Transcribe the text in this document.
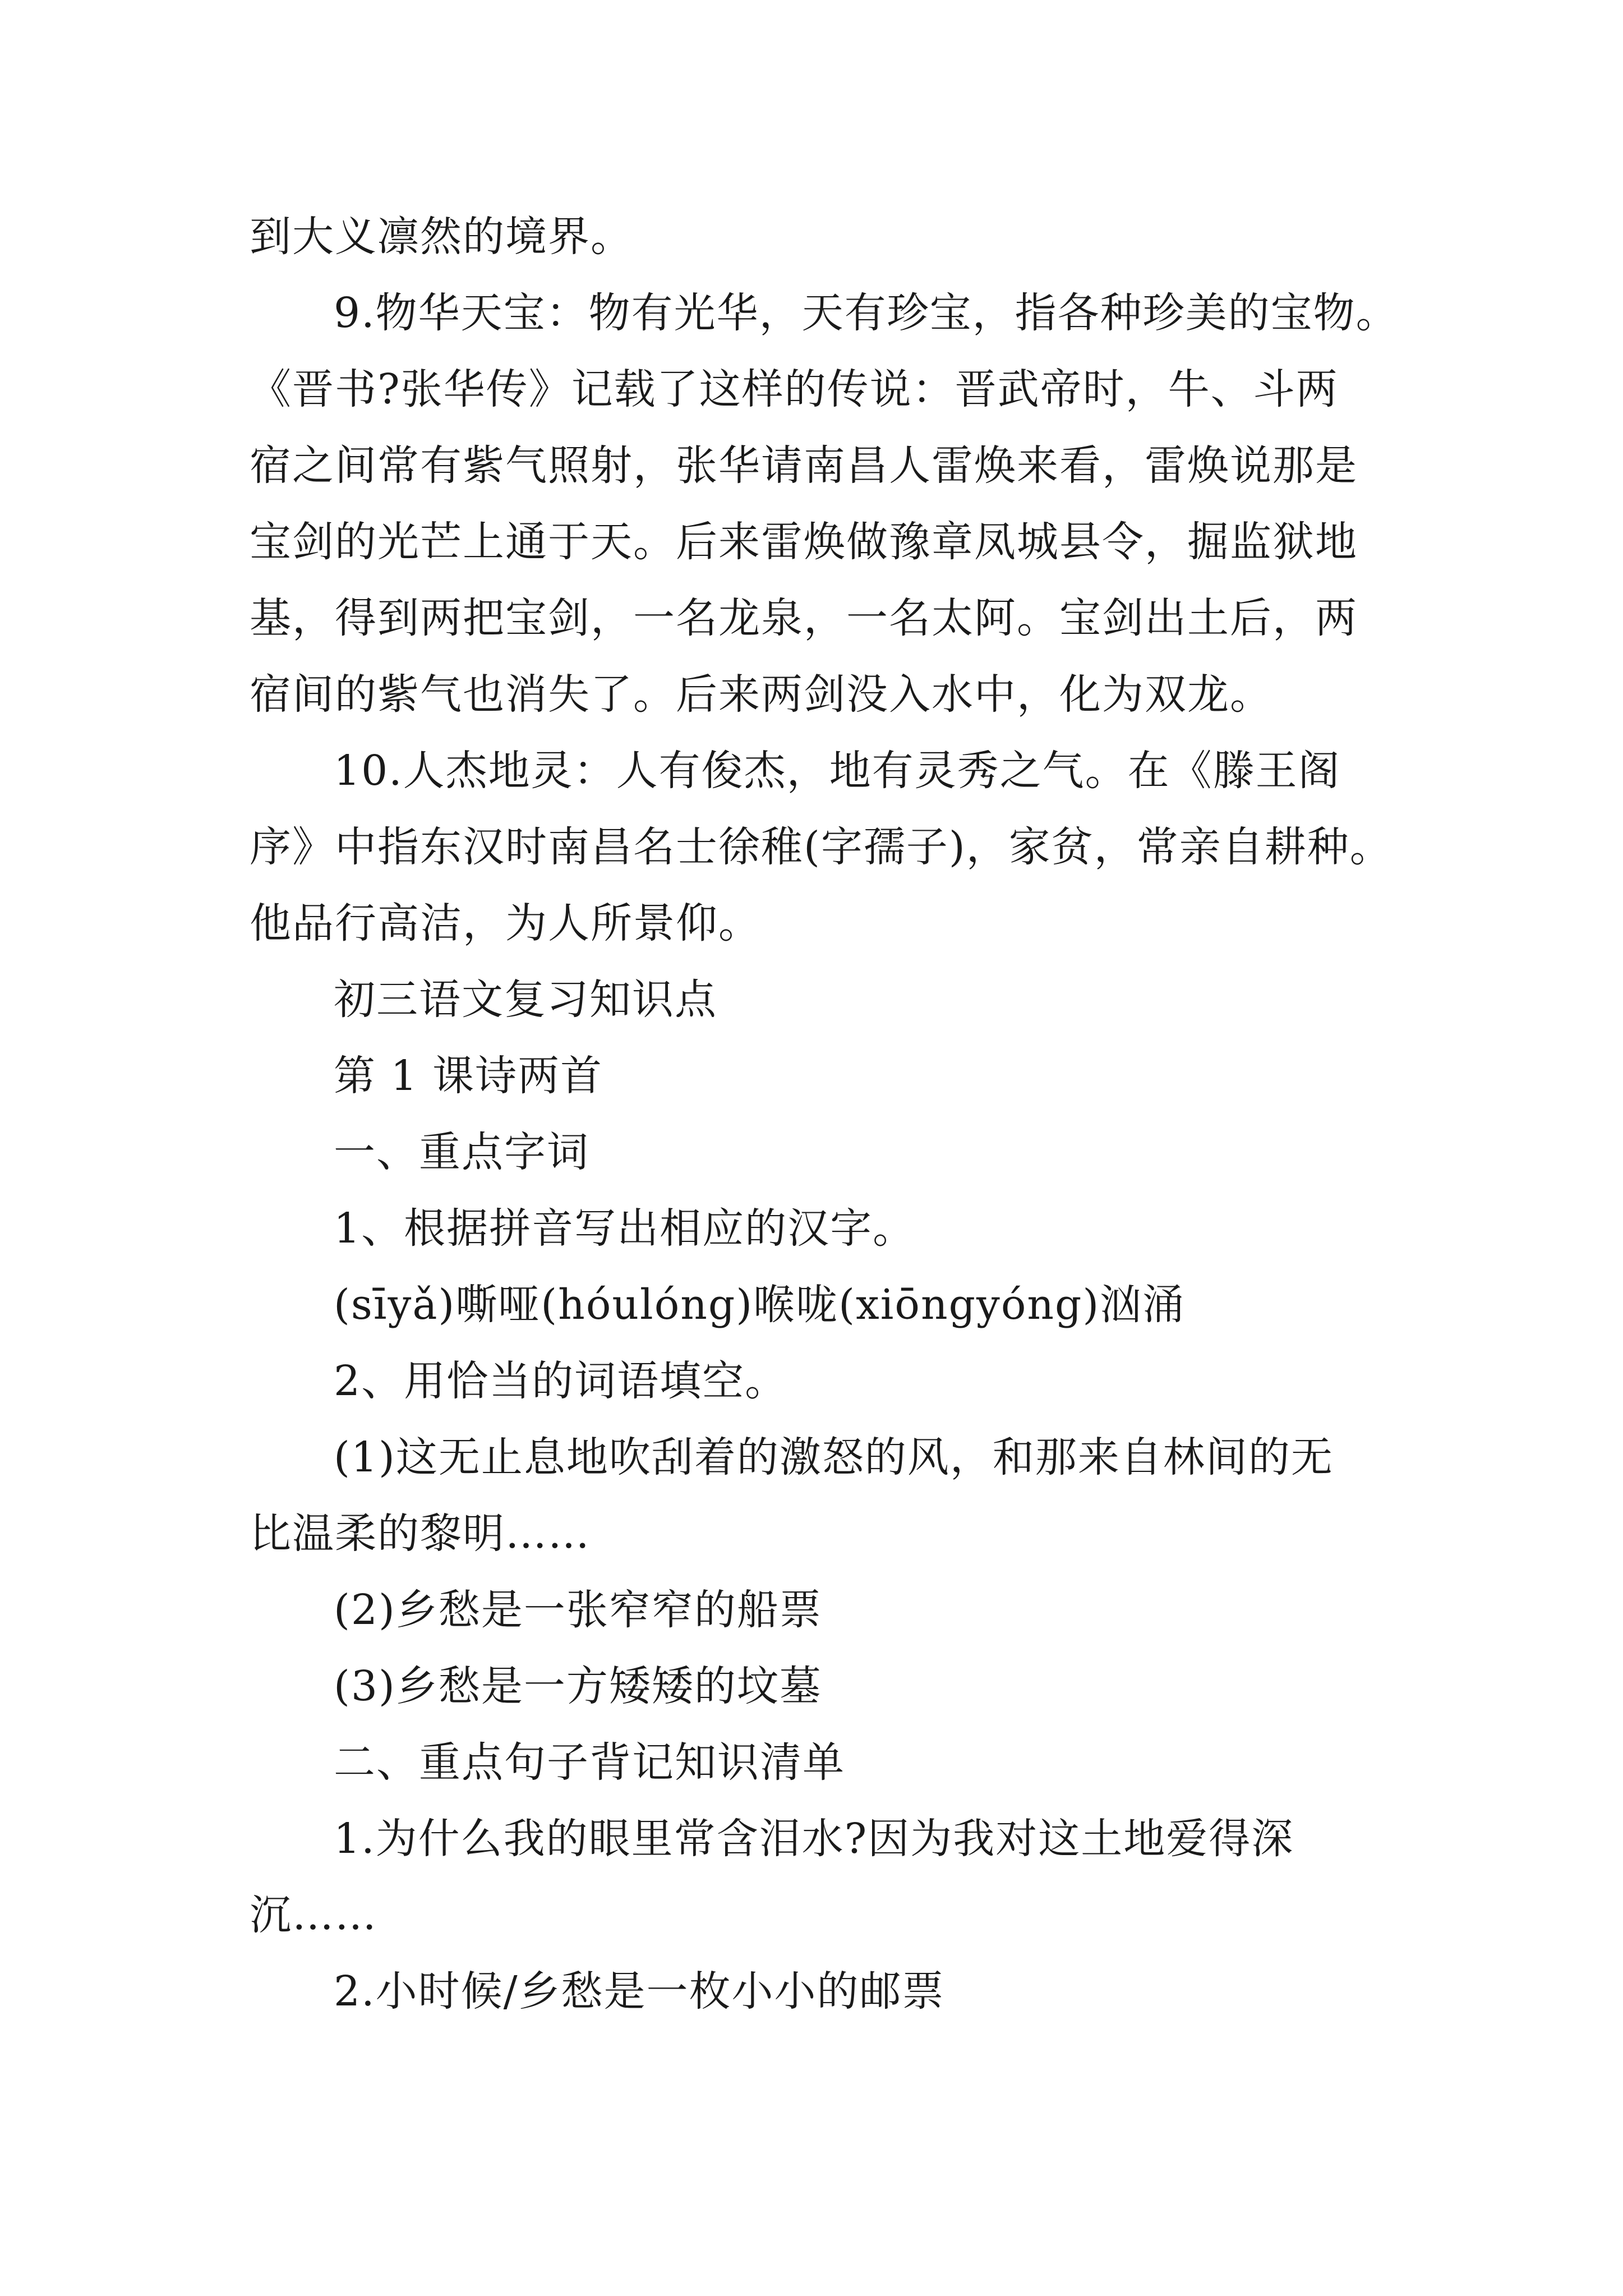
到大义凛然的境界。

9.物华天宝：物有光华，天有珍宝，指各种珍美的宝物。

《晋书?张华传》记载了这样的传说：晋武帝时，牛、斗两

宿之间常有紫气照射，张华请南昌人雷焕来看，雷焕说那是

宝剑的光芒上通于天。后来雷焕做豫章凤城县令，掘监狱地

基，得到两把宝剑，一名龙泉，一名太阿。宝剑出土后，两

宿间的紫气也消失了。后来两剑没入水中，化为双龙。

10.人杰地灵：人有俊杰，地有灵秀之气。在《滕王阁

序》中指东汉时南昌名士徐稚(字孺子)，家贫，常亲自耕种。

他品行高洁，为人所景仰。

初三语文复习知识点

第 1 课诗两首

一、重点字词

1、根据拼音写出相应的汉字。

(sīyǎ)嘶哑(hóulóng)喉咙(xiōngyóng)汹涌

2、用恰当的词语填空。

(1)这无止息地吹刮着的激怒的风，和那来自林间的无

比温柔的黎明……

(2)乡愁是一张窄窄的船票

(3)乡愁是一方矮矮的坟墓

二、重点句子背记知识清单

1.为什么我的眼里常含泪水?因为我对这土地爱得深

沉……

2.小时候/乡愁是一枚小小的邮票
